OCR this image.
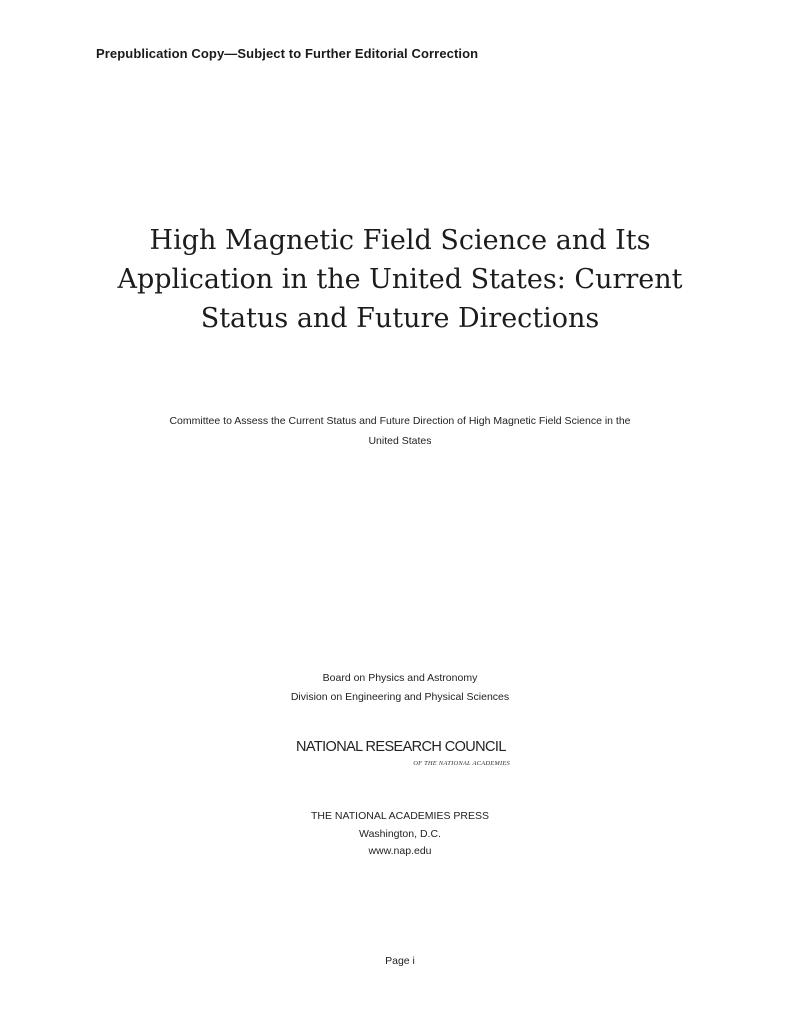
Prepublication Copy—Subject to Further Editorial Correction
High Magnetic Field Science and Its
Application in the United States: Current
Status and Future Directions
Committee to Assess the Current Status and Future Direction of High Magnetic Field Science in the
United States
Board on Physics and Astronomy
Division on Engineering and Physical Sciences
NATIONAL RESEARCH COUNCIL
OF THE NATIONAL ACADEMIES
THE NATIONAL ACADEMIES PRESS
Washington, D.C.
www.nap.edu
Page i
